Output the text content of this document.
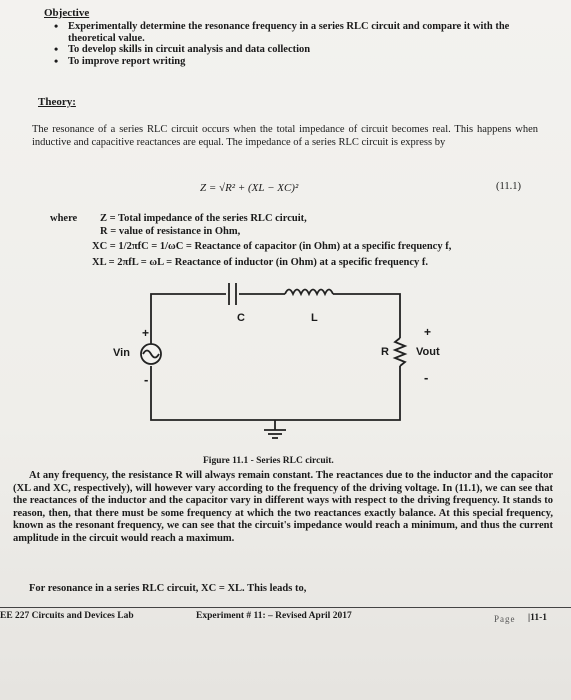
Objective
• Experimentally determine the resonance frequency in a series RLC circuit and compare it with the theoretical value.
• To develop skills in circuit analysis and data collection
• To improve report writing
Theory:
The resonance of a series RLC circuit occurs when the total impedance of circuit becomes real. This happens when inductive and capacitive reactances are equal. The impedance of a series RLC circuit is express by
Z = √R² + (XL − XC)²	(11.1)
where Z = Total impedance of the series RLC circuit,
R = value of resistance in Ohm,
XC = 1/2πfC = 1/ωC = Reactance of capacitor (in Ohm) at a specific frequency f,
XL = 2πfL = ωL = Reactance of inductor (in Ohm) at a specific frequency f.
C	L
Vin
+
-
R Vout
+
-
Figure 11.1 - Series RLC circuit.
At any frequency, the resistance R will always remain constant. The reactances due to the inductor and the capacitor (XL and XC, respectively), will however vary according to the frequency of the driving voltage. In (11.1), we can see that the reactances of the inductor and the capacitor vary in different ways with respect to the driving frequency. It stands to reason, then, that there must be some frequency at which the two reactances exactly balance. At this special frequency, known as the resonant frequency, we can see that the circuit's impedance would reach a minimum, and thus the current amplitude in the circuit would reach a maximum.
For resonance in a series RLC circuit, XC = XL. This leads to,
EE 227 Circuits and Devices Lab	Experiment # 11: – Revised April 2017	Page |11-1
